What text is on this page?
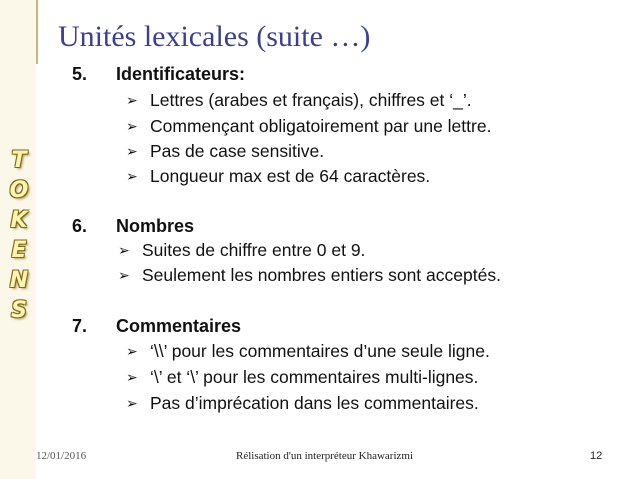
Unités lexicales (suite …)
T
O
K
E
N
S
5. Identificateurs:
➢ Lettres (arabes et français), chiffres et ‘_’.
➢ Commençant obligatoirement par une lettre.
➢ Pas de case sensitive.
➢ Longueur max est de 64 caractères.
6. Nombres
➢ Suites de chiffre entre 0 et 9.
➢ Seulement les nombres entiers sont acceptés.
7. Commentaires
➢ ‘\\’ pour les commentaires d’une seule ligne.
➢ ‘\’ et ‘\’ pour les commentaires multi-lignes.
➢ Pas d’imprécation dans les commentaires.
12/01/2016	Rélisation d'un interpréteur Khawarizmi	12
